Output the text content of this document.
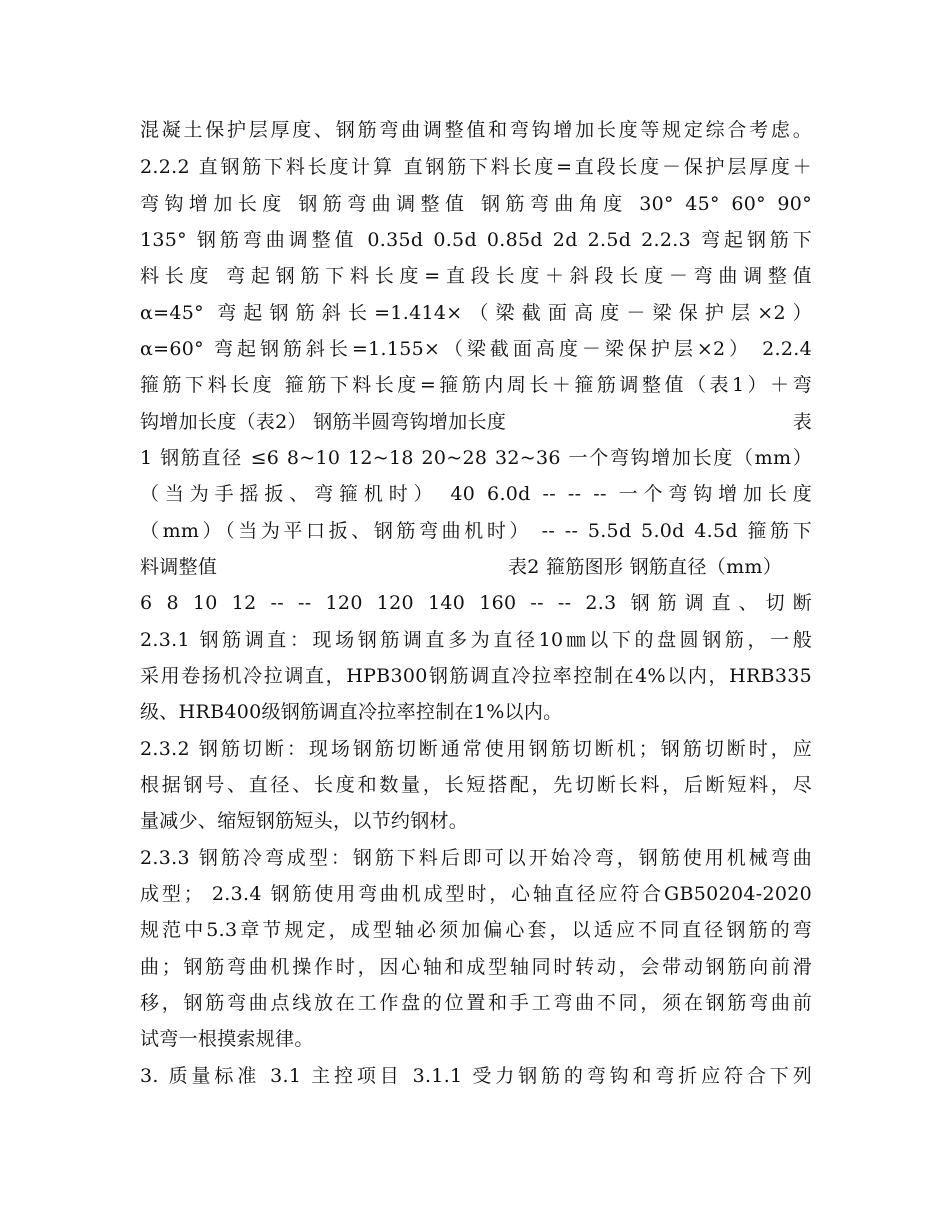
混凝土保护层厚度、钢筋弯曲调整值和弯钩增加长度等规定综合考虑。
2.2.2 直钢筋下料长度计算 直钢筋下料长度=直段长度－保护层厚度＋
弯钩增加长度 钢筋弯曲调整值 钢筋弯曲角度 30° 45° 60° 90°
135° 钢筋弯曲调整值 0.35d 0.5d 0.85d 2d 2.5d 2.2.3 弯起钢筋下
料长度 弯起钢筋下料长度=直段长度＋斜段长度－弯曲调整值
α=45° 弯起钢筋斜长=1.414×（梁截面高度－梁保护层×2）
α=60° 弯起钢筋斜长=1.155×（梁截面高度－梁保护层×2） 2.2.4
箍筋下料长度 箍筋下料长度=箍筋内周长＋箍筋调整值（表1）＋弯
钩增加长度（表2） 钢筋半圆弯钩增加长度	表
1 钢筋直径 ≤6 8~10 12~18 20~28 32~36 一个弯钩增加长度（mm）
（当为手摇扳、弯箍机时） 40 6.0d -- -- -- 一个弯钩增加长度
（mm）（当为平口扳、钢筋弯曲机时） -- -- 5.5d 5.0d 4.5d 箍筋下
料调整值	表2 箍筋图形 钢筋直径（mm）
6 8 10 12 -- -- 120 120 140 160 -- -- 2.3 钢筋调直、切断
2.3.1 钢筋调直：现场钢筋调直多为直径10㎜以下的盘圆钢筋，一般
采用卷扬机冷拉调直，HPB300钢筋调直冷拉率控制在4%以内，HRB335
级、HRB400级钢筋调直冷拉率控制在1%以内。
2.3.2 钢筋切断：现场钢筋切断通常使用钢筋切断机；钢筋切断时，应
根据钢号、直径、长度和数量，长短搭配，先切断长料，后断短料，尽
量减少、缩短钢筋短头，以节约钢材。
2.3.3 钢筋冷弯成型：钢筋下料后即可以开始冷弯，钢筋使用机械弯曲
成型； 2.3.4 钢筋使用弯曲机成型时，心轴直径应符合GB50204-2020
规范中5.3章节规定，成型轴必须加偏心套，以适应不同直径钢筋的弯
曲；钢筋弯曲机操作时，因心轴和成型轴同时转动，会带动钢筋向前滑
移，钢筋弯曲点线放在工作盘的位置和手工弯曲不同，须在钢筋弯曲前
试弯一根摸索规律。
3. 质量标准 3.1 主控项目 3.1.1 受力钢筋的弯钩和弯折应符合下列
